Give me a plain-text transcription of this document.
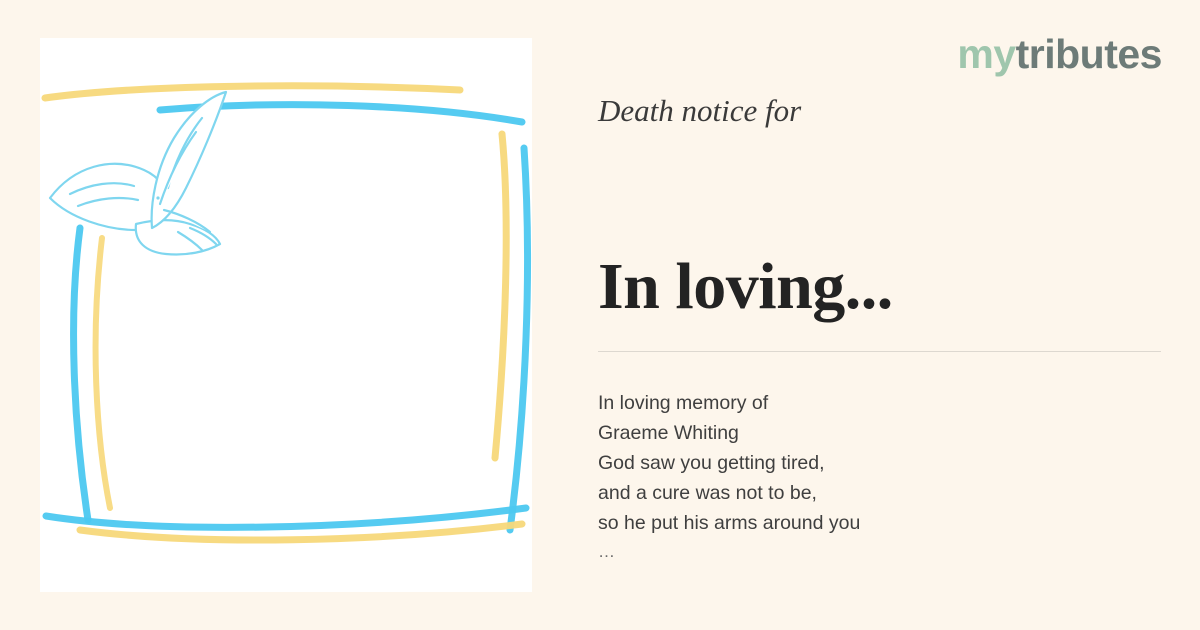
mytributes
Death notice for
In loving...
In loving memory of
Graeme Whiting
God saw you getting tired,
and a cure was not to be,
so he put his arms around you
…
